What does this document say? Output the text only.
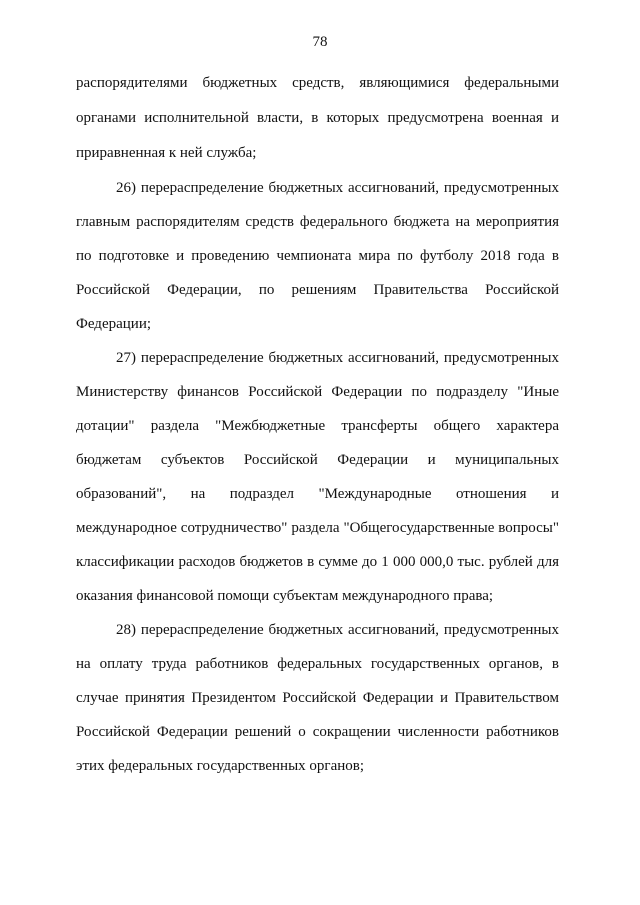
78
распорядителями бюджетных средств, являющимися федеральными
органами исполнительной власти, в которых предусмотрена военная и
приравненная к ней служба;
26) перераспределение бюджетных ассигнований, предусмотренных
главным распорядителям средств федерального бюджета на мероприятия
по подготовке и проведению чемпионата мира по футболу 2018 года в
Российской Федерации, по решениям Правительства Российской
Федерации;
27) перераспределение бюджетных ассигнований, предусмотренных
Министерству финансов Российской Федерации по подразделу "Иные
дотации" раздела "Межбюджетные трансферты общего характера
бюджетам субъектов Российской Федерации и муниципальных
образований", на подраздел "Международные отношения и
международное сотрудничество" раздела "Общегосударственные вопросы"
классификации расходов бюджетов в сумме до 1 000 000,0 тыс. рублей для
оказания финансовой помощи субъектам международного права;
28) перераспределение бюджетных ассигнований, предусмотренных
на оплату труда работников федеральных государственных органов, в
случае принятия Президентом Российской Федерации и Правительством
Российской Федерации решений о сокращении численности работников
этих федеральных государственных органов;
